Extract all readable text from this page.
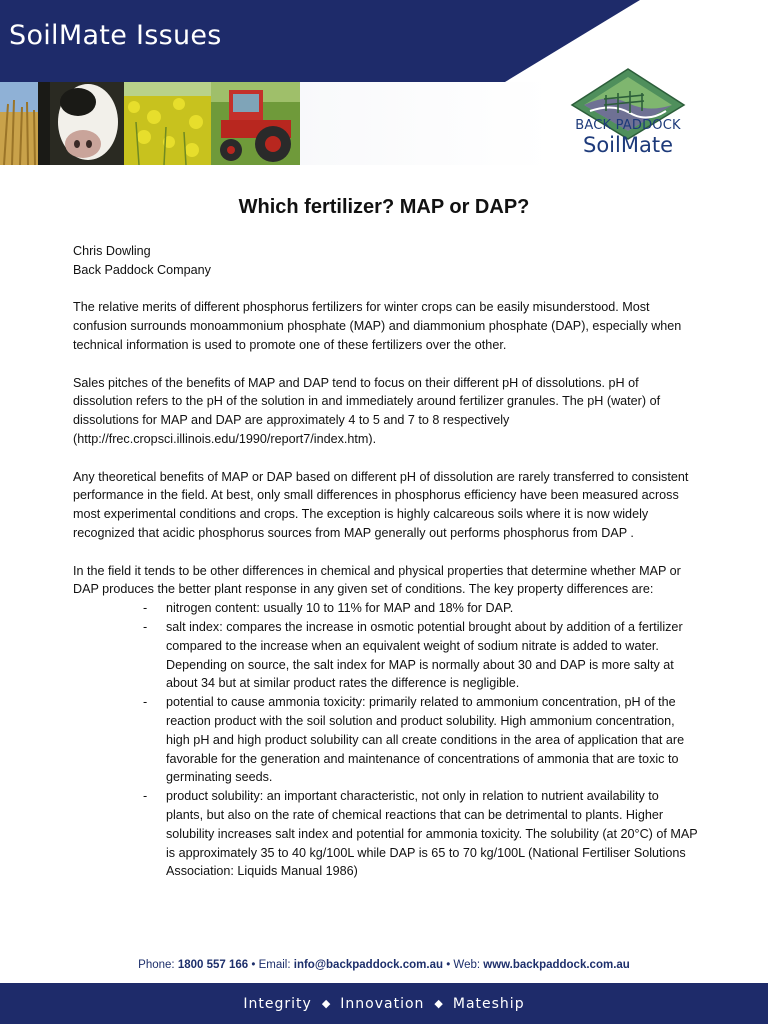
SoilMate Issues
BACK PADDOCK
SoilMate
Which fertilizer? MAP or DAP?
Chris Dowling
Back Paddock Company

The relative merits of different phosphorus fertilizers for winter crops can be easily misunderstood. Most confusion surrounds monoammonium phosphate (MAP) and diammonium phosphate (DAP), especially when technical information is used to promote one of these fertilizers over the other.

Sales pitches of the benefits of MAP and DAP tend to focus on their different pH of dissolutions. pH of dissolution refers to the pH of the solution in and immediately around fertilizer granules. The pH (water) of dissolutions for MAP and DAP are approximately 4 to 5 and 7 to 8 respectively (http://frec.cropsci.illinois.edu/1990/report7/index.htm).

Any theoretical benefits of MAP or DAP based on different pH of dissolution are rarely transferred to consistent performance in the field. At best, only small differences in phosphorus efficiency have been measured across most experimental conditions and crops. The exception is highly calcareous soils where it is now widely recognized that acidic phosphorus sources from MAP generally out performs phosphorus from DAP .

In the field it tends to be other differences in chemical and physical properties that determine whether MAP or DAP produces the better plant response in any given set of conditions. The key property differences are:

- nitrogen content: usually 10 to 11% for MAP and 18% for DAP.
- salt index: compares the increase in osmotic potential brought about by addition of a fertilizer compared to the increase when an equivalent weight of sodium nitrate is added to water. Depending on source, the salt index for MAP is normally about 30 and DAP is more salty at about 34 but at similar product rates the difference is negligible.
- potential to cause ammonia toxicity: primarily related to ammonium concentration, pH of the reaction product with the soil solution and product solubility. High ammonium concentration, high pH and high product solubility can all create conditions in the area of application that are favorable for the generation and maintenance of concentrations of ammonia that are toxic to germinating seeds.
- product solubility: an important characteristic, not only in relation to nutrient availability to plants, but also on the rate of chemical reactions that can be detrimental to plants. Higher solubility increases salt index and potential for ammonia toxicity. The solubility (at 20°C) of MAP is approximately 35 to 40 kg/100L while DAP is 65 to 70 kg/100L (National Fertiliser Solutions Association: Liquids Manual 1986)
Phone: 1800 557 166 • Email: info@backpaddock.com.au • Web: www.backpaddock.com.au
Integrity ◆ Innovation ◆ Mateship
